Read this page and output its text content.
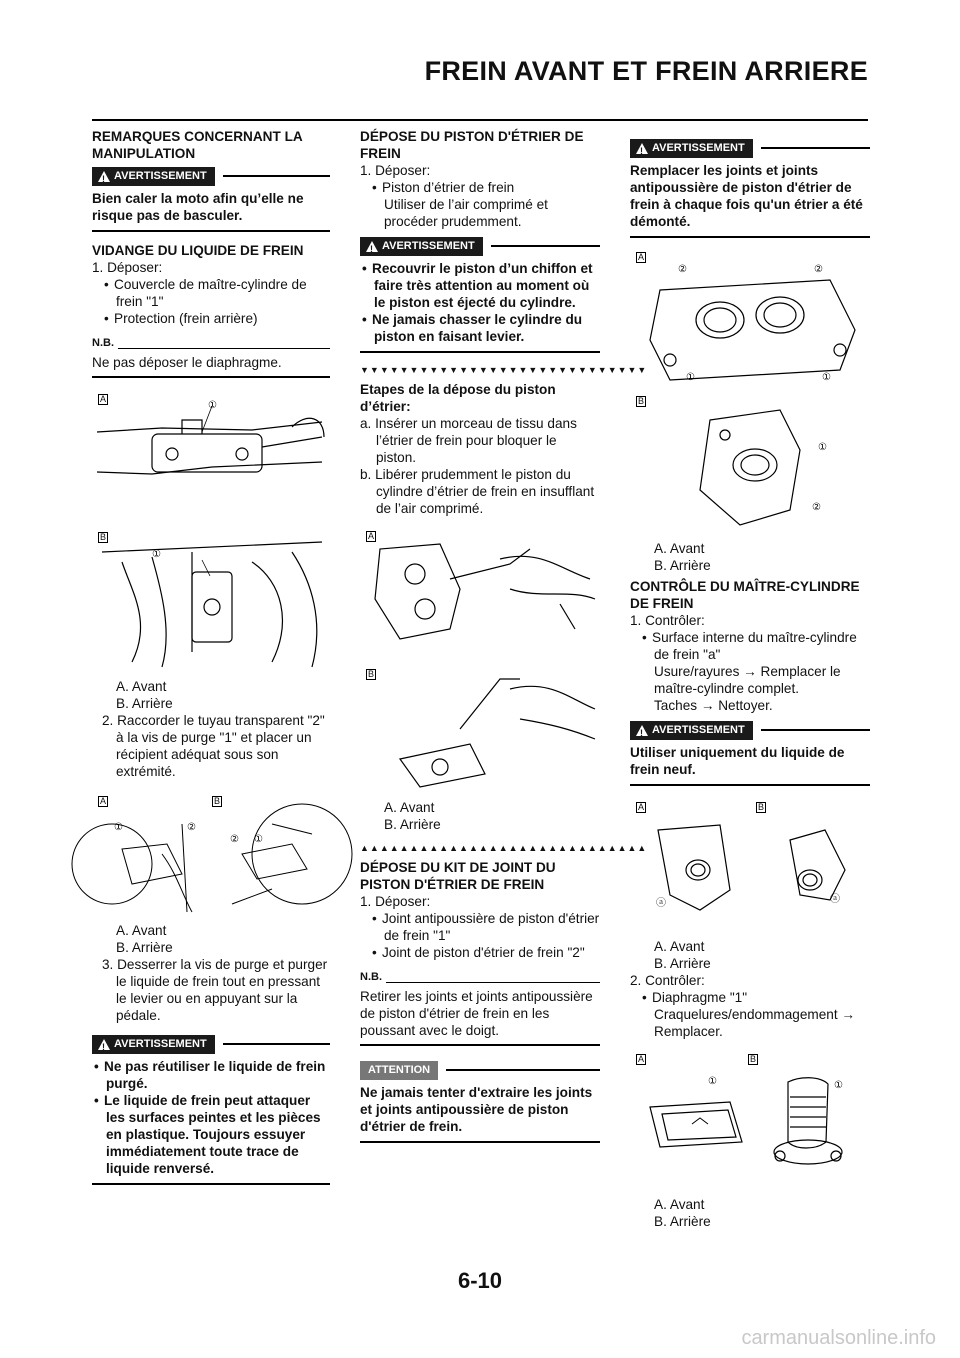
FREIN AVANT ET FREIN ARRIERE

REMARQUES CONCERNANT LA MANIPULATION

!
AVERTISSEMENT
Bien caler la moto afin qu’elle ne risque pas de basculer.

VIDANGE DU LIQUIDE DE FREIN

1. Déposer:

• Couvercle de maître-cylindre de frein "1"

• Protection (frein arrière)

N.B.
Ne pas déposer le diaphragme.
A
B
①
①

A. Avant

B. Arrière

2. Raccorder le tuyau transparent "2" à la vis de purge "1" et placer un récipient adéquat sous son extrémité.

A	B
①	②
② ①

A. Avant

B. Arrière

3. Desserrer la vis de purge et purger le liquide de frein tout en pressant le levier ou en appuyant sur la pédale.

!
AVERTISSEMENT

• Ne pas réutiliser le liquide de frein purgé.

• Le liquide de frein peut attaquer les surfaces peintes et les pièces en plastique. Toujours essuyer immédiatement toute trace de liquide renversé.

DÉPOSE DU PISTON D'ÉTRIER DE FREIN

1. Déposer:

• Piston d’étrier de frein

Utiliser de l’air comprimé et procéder prudemment.

!
AVERTISSEMENT

• Recouvrir le piston d’un chiffon et faire très attention au moment où le piston est éjecté du cylindre.

• Ne jamais chasser le cylindre du piston en faisant levier.

▼▼▼▼▼▼▼▼▼▼▼▼▼▼▼▼▼▼▼▼▼▼▼▼▼▼▼▼▼

Etapes de la dépose du piston d’étrier:

a. Insérer un morceau de tissu dans l’étrier de frein pour bloquer le piston.

b. Libérer prudemment le piston du cylindre d’étrier de frein en insufflant de l’air comprimé.

A
B

A. Avant

B. Arrière

▲▲▲▲▲▲▲▲▲▲▲▲▲▲▲▲▲▲▲▲▲▲▲▲▲▲▲▲▲

DÉPOSE DU KIT DE JOINT DU PISTON D'ÉTRIER DE FREIN

1. Déposer:

• Joint antipoussière de piston d'étrier de frein "1"

• Joint de piston d'étrier de frein "2"

N.B.
Retirer les joints et joints antipoussière de piston d'étrier de frein en les poussant avec le doigt.
ATTENTION
Ne jamais tenter d'extraire les joints et joints antipoussière de piston d'étrier de frein.
!
AVERTISSEMENT
Remplacer les joints et joints antipoussière de piston d'étrier de frein à chaque fois qu'un étrier a été démonté.
A
B
②	②
①	①
①
②

A. Avant

B. Arrière

CONTRÔLE DU MAÎTRE-CYLINDRE DE FREIN

1. Contrôler:

• Surface interne du maître-cylindre de frein "a"

Usure/rayures → Remplacer le maître-cylindre complet.

Taches → Nettoyer.

!
AVERTISSEMENT
Utiliser uniquement du liquide de frein neuf.
A	B
ⓐ	ⓐ

A. Avant

B. Arrière

2. Contrôler:

• Diaphragme "1"

Craquelures/endommagement → Remplacer.

A	B
①	①

A. Avant

B. Arrière

6-10
carmanualsonline.info
